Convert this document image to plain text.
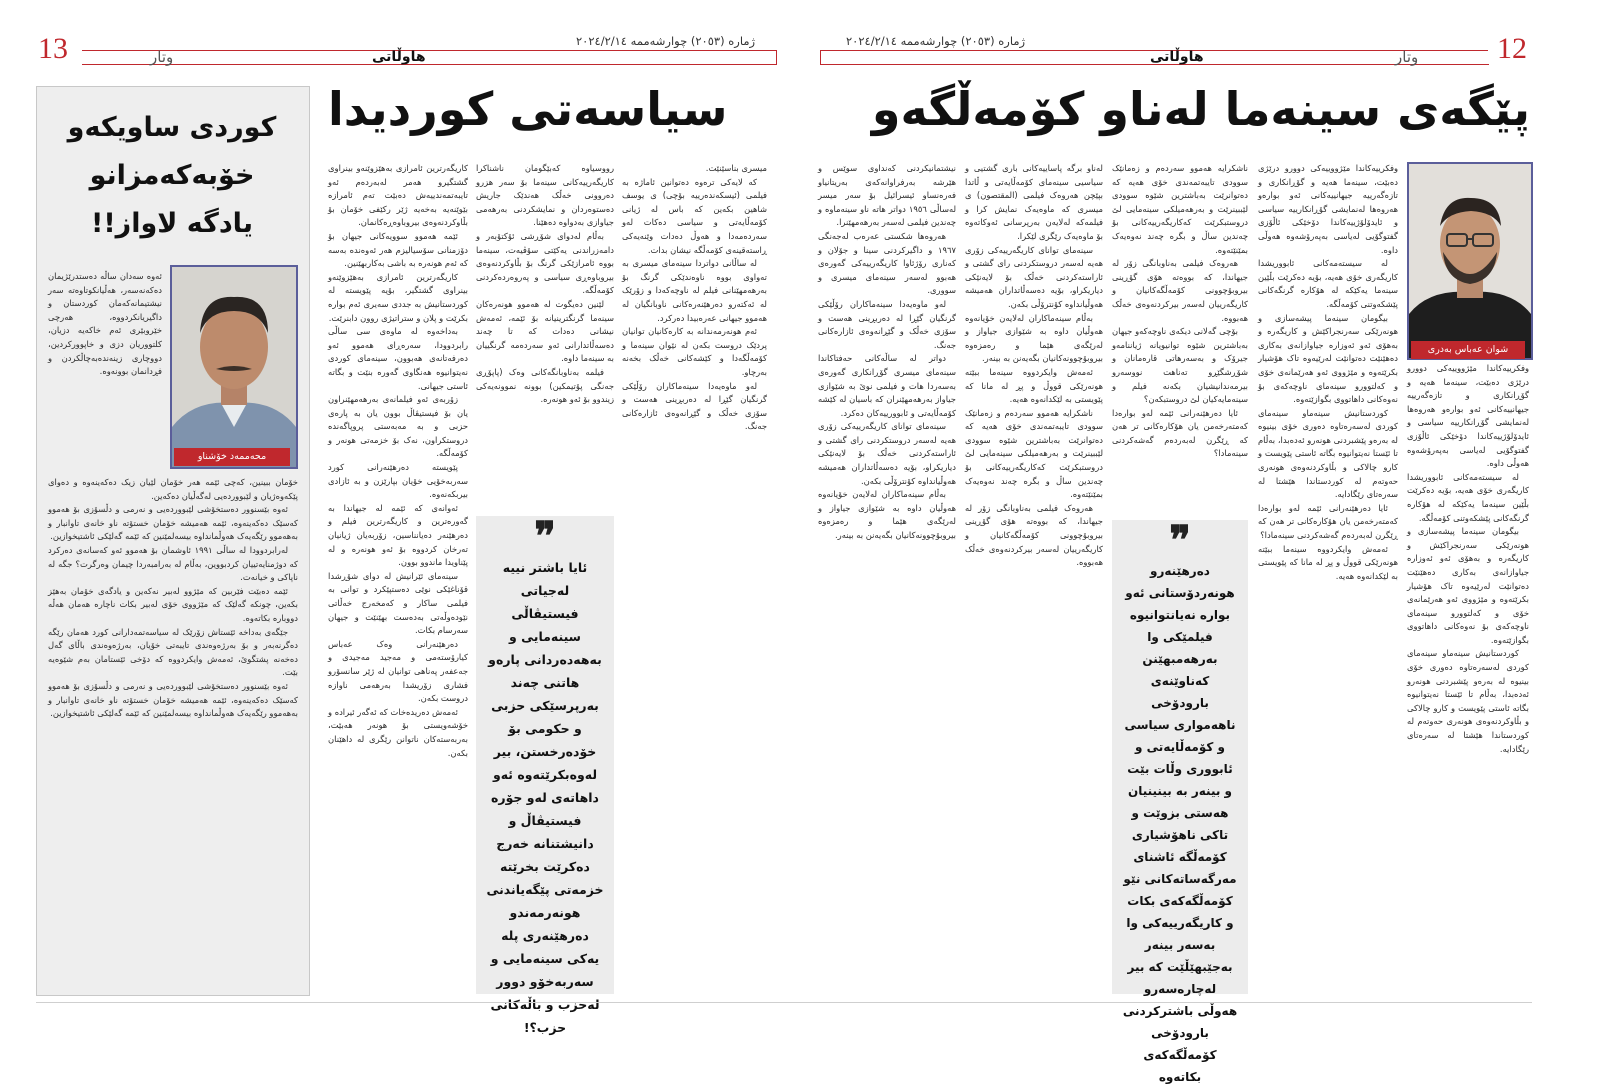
12
وتار
هاوڵاتی
ژمارە (٢٠٥٣) چوارشەممە ٢٠٢٤/٢/١٤
پێگەی سینەما لەناو کۆمەڵگەو
شوان عەباس بەدری

وفکرییەکاندا مێژووییەکی دوورو درێژی دەبێت، سینەما هەیە و گۆڕانکاری و تازەگەرییە جیهانییەکانی ئەو بوارەو هەروەها لەنمایشی گۆڕانکارییە سیاسی و ئایدۆلۆژییەکاندا دۆخێکی ئاڵۆزی گفتوگۆیی لەیاسی بەپەرۆشەوە هەوڵی داوە.

لە سیستەمەکانی ئابووریشدا کاریگەری خۆی هەیە، بۆیە دەکرێت بڵێین سینەما یەکێکە لە هۆکارە گرنگەکانی پێشکەوتنی کۆمەڵگە.

بیگومان سینەما پیشەسازی و هونەرێکی سەرنجراکێش و کاریگەرە و بەهۆی ئەو ئەوزارە جیاوازانەی بەکاری دەهێنێت دەتوانێت لەرێیەوە تاک هۆشیار بکرێتەوە و مێژووی ئەو هەرێمانەی خۆی و کەلتوورو سینەمای ناوچەکەی بۆ نەوەکانی داهاتووی بگوازێتەوە.

کوردستانیش سینەماو سینەمای کوردی لەسەرەتاوە دەوری خۆی بینیوە لە بەرەو پێشبردنی هونەرو ئەدەبدا، بەڵام تا ئێستا نەیتوانیوە بگاتە ئاستی پێویست و کارو چالاکی و بڵاوکردنەوەی هونەری حەوتەم لە کوردستاندا هێشتا لە سەرەتای رێگادایە.

وفکرییەکاندا مێژووییەکی دوورو درێژی دەبێت، سینەما هەیە و گۆڕانکاری و تازەگەرییە جیهانییەکانی ئەو بوارەو هەروەها لەنمایشی گۆڕانکارییە سیاسی و ئایدۆلۆژییەکاندا دۆخێکی ئاڵۆزی گفتوگۆیی لەیاسی بەپەرۆشەوە هەوڵی داوە.

لە سیستەمەکانی ئابووریشدا کاریگەری خۆی هەیە، بۆیە دەکرێت بڵێین سینەما یەکێکە لە هۆکارە گرنگەکانی پێشکەوتنی کۆمەڵگە.

بیگومان سینەما پیشەسازی و هونەرێکی سەرنجراکێش و کاریگەرە و بەهۆی ئەو ئەوزارە جیاوازانەی بەکاری دەهێنێت دەتوانێت لەرێیەوە تاک هۆشیار بکرێتەوە و مێژووی ئەو هەرێمانەی خۆی و کەلتوورو سینەمای ناوچەکەی بۆ نەوەکانی داهاتووی بگوازێتەوە.

کوردستانیش سینەماو سینەمای کوردی لەسەرەتاوە دەوری خۆی بینیوە لە بەرەو پێشبردنی هونەرو ئەدەبدا، بەڵام تا ئێستا نەیتوانیوە بگاتە ئاستی پێویست و کارو چالاکی و بڵاوکردنەوەی هونەری حەوتەم لە کوردستاندا هێشتا لە سەرەتای رێگادایە.

ئایا دەرهێنەرانی ئێمە لەو بوارەدا کەمتەرخەمن یان هۆکارەکانی تر هەن کە ڕێگرن لەبەردەم گەشەکردنی سینەمادا؟

ئەمەش وایکردووە سینەما ببێتە هونەرێکی قووڵ و پڕ لە مانا کە پێویستی بە لێکدانەوە هەیە.

ناشکرایە هەموو سەردەم و زەمانێک سوودی تایبەتمەندی خۆی هەیە کە دەتوانرێت بەباشترین شێوە سوودی لێببینرێت و بەرهەمیلکی سینەمایی لێ دروستبکرێت کەکاریگەرییەکانی بۆ چەندین ساڵ و بگرە چەند نەوەیەک بمێنێتەوە.

هەروەک فیلمی بەناوبانگی زۆر لە جیهاندا، کە بووەتە هۆی گۆڕینی بیروبۆچوونی کۆمەڵگەکانیان و کاریگەرییان لەسەر بیرکردنەوەی خەڵک هەبووە.

بۆچی گەلانی دیکەی ناوچەکەو جیهان بەباشترین شێوە توانیویانە ژیاننامەو جیرۆک و بەسەرهاتی قارەمانان و شۆڕشگێڕو تەناهت نووسەرو بیرمەندانیشیان بکەنە فیلم و سینەمایەکیان لێ دروستبکەن؟

ئایا دەرهێنەرانی ئێمە لەو بوارەدا کەمتەرخەمن یان هۆکارەکانی تر هەن کە ڕێگرن لەبەردەم گەشەکردنی سینەمادا؟

❞
دەرهێنەرو هونەردۆستانی ئەو بوارە نەیانتوانیوە فیلمێکی وا بەرهەمبهێنن کەناوێنەی بارودۆخی ناهەمواری سیاسی و کۆمەڵایەتی و ئابووری وڵات بێت و بینەر بە بینینیان هەستی بزوێت و تاکی ناهۆشیاری کۆمەڵگە ئاشنای مەرگەساتەکانی نێو کۆمەڵگەکەی بکات و کاریگەرییەکی وا بەسەر بینەر بەجێبهێڵێت کە بیر لەچارەسەرو هەوڵی باشترکردنی بارودۆخی کۆمەڵگەکەی بکاتەوە

لەناو برگە پاساییەکانی باری گشتیی و سیاسیی سینەمای کۆمەڵایەتی و ڵاتدا بپێچن هەروەک فیلمی (المقتصون) ی میسری کە ماوەیەک نمایش کرا و فیلمەکە لەلایەن بەرپرسانی ئەوکاتەوە بۆ ماوەیەک رێگری لێکرا.

سینەمای توانای کاریگەرییەکی زۆری هەیە لەسەر دروستکردنی رای گشتی و ئاراستەکردنی خەڵک بۆ لایەنێکی دیاریکراو، بۆیە دەسەڵاتداران هەمیشە هەوڵیانداوە کۆنترۆڵی بکەن.

بەڵام سینەماکاران لەلایەن خۆیانەوە هەوڵیان داوە بە شێوازی جیاواز و لەرێگەی هێما و رەمزەوە بیروبۆچوونەکانیان بگەیەنن بە بینەر.

ئەمەش وایکردووە سینەما ببێتە هونەرێکی قووڵ و پڕ لە مانا کە پێویستی بە لێکدانەوە هەیە.

ناشکرایە هەموو سەردەم و زەمانێک سوودی تایبەتمەندی خۆی هەیە کە دەتوانرێت بەباشترین شێوە سوودی لێببینرێت و بەرهەمیلکی سینەمایی لێ دروستبکرێت کەکاریگەرییەکانی بۆ چەندین ساڵ و بگرە چەند نەوەیەک بمێنێتەوە.

هەروەک فیلمی بەناوبانگی زۆر لە جیهاندا، کە بووەتە هۆی گۆڕینی بیروبۆچوونی کۆمەڵگەکانیان و کاریگەرییان لەسەر بیرکردنەوەی خەڵک هەبووە.

نیشتمانیکردنی کەنداوی سوێس و هێرشە بەرفراوانەکەی بەریتانیاو فەرەنساو ئیسرائیل بۆ سەر میسر لەساڵی ١٩٥٦ دواتر هاتە ناو سینەماوە و چەندین فیلمی لەسەر بەرهەمهێنرا.

هەروەها شکستی عەرەب لەجەنگی ١٩٦٧ و داگیرکردنی سینا و جۆلان و کەناری رۆژئاوا کاریگەرییەکی گەورەی هەبوو لەسەر سینەمای میسری و سووری.

لەو ماوەیەدا سینەماکاران رۆڵێکی گرنگیان گێڕا لە دەربڕینی هەست و سۆزی خەڵک و گێڕانەوەی ئازارەکانی جەنگ.

دواتر لە ساڵەکانی حەفتاکاندا سینەمای میسری گۆڕانکاری گەورەی بەسەردا هات و فیلمی نوێ بە شێوازی جیاواز بەرهەمهێنران کە باسیان لە کێشە کۆمەڵایەتی و ئابوورییەکان دەکرد.

سینەمای توانای کاریگەرییەکی زۆری هەیە لەسەر دروستکردنی رای گشتی و ئاراستەکردنی خەڵک بۆ لایەنێکی دیاریکراو، بۆیە دەسەڵاتداران هەمیشە هەوڵیانداوە کۆنترۆڵی بکەن.

بەڵام سینەماکاران لەلایەن خۆیانەوە هەوڵیان داوە بە شێوازی جیاواز و لەرێگەی هێما و رەمزەوە بیروبۆچوونەکانیان بگەیەنن بە بینەر.

13	وتار	هاوڵاتی
ژمارە (٢٠٥٣) چوارشەممە ٢٠٢٤/٢/١٤
سیاسەتی کوردیدا
کوردی ساویکەو خۆبەکەمزانو یادگە لاواز!!
محەممەد خۆشناو

ئەوە سەدان ساڵە دەستدرێژیمان دەکەنەسەر، هەڵیانکوتاوەتە سەر نیشتیمانەکەمان کوردستان و داگیریانکردووە، هەرچی خێروبێری ئەم خاکەیە دزیان، کلتووریان دزی و خاپوورکردین، دووچاری زینەندەبەچاڵکردن و فڕدانمان بوونەوە.

خۆمان ببینین، کەچی ئێمە هەر خۆمان لێیان زیک دەکەینەوە و دەوای پێکەوەژیان و لێبووردەیی لەگەڵیان دەکەین.

ئەوە بێسنوور دەستخۆشی لێبووردەیی و نەرمی و دڵسۆزی بۆ هەموو کەسێک دەکەینەوە، ئێمە هەمیشە خۆمان خستۆتە ناو خانەی تاوانبار و بەهەموو رێگەیەک هەوڵمانداوە بیسەلمێنین کە ئێمە گەلێکی ئاشتیخوازین.

لەرابردوودا لە ساڵی ١٩٩١ ئاوشمان بۆ هەموو ئەو کەسانەی دەرکرد کە دوژمنایەتییان کردبووین، بەڵام لە بەرامبەردا چیمان وەرگرت؟ جگە لە ناپاکی و خیانەت.

ئێمە دەبێت فێربین کە مێژوو لەبیر نەکەین و یادگەی خۆمان بەهێز بکەین، چونکە گەلێک کە مێژووی خۆی لەبیر بکات ناچارە هەمان هەڵە دووبارە بکاتەوە.

جێگەی بەداخە ئێستاش زۆرێک لە سیاسەتمەدارانی کورد هەمان رێگە دەگرنەبەر و بۆ بەرژەوەندی تایبەتی خۆیان، بەرژەوەندی باڵای گەل دەخەنە پشتگوێ، ئەمەش وایکردووە کە دۆخی ئێستامان بەم شێوەیە بێت.

ئەوە بێسنوور دەستخۆشی لێبووردەیی و نەرمی و دڵسۆزی بۆ هەموو کەسێک دەکەینەوە، ئێمە هەمیشە خۆمان خستۆتە ناو خانەی تاوانبار و بەهەموو رێگەیەک هەوڵمانداوە بیسەلمێنین کە ئێمە گەلێکی ئاشتیخوازین.

میسری بناسێنێت.

کە لایەکی ترەوە دەتوانین ئاماژە بە فیلمی (ئیسکەندەرییە بۆچی) ی یوسف شاهین بکەین کە باس لە ژیانی کۆمەڵایەتی و سیاسی دەکات لەو سەردەمەدا و هەوڵ دەدات وێنەیەکی ڕاستەقینەی کۆمەڵگە نیشان بدات.

لە ساڵانی دواتردا سینەمای میسری بە تەواوی بووە ناوەندێکی گرنگ بۆ بەرهەمهێنانی فیلم لە ناوچەکەدا و زۆرێک لە ئەکتەرو دەرهێنەرەکانی ناوبانگیان لە هەموو جیهانی عەرەبیدا دەرکرد.

ئەم هونەرمەندانە بە کارەکانیان توانیان پردێک دروست بکەن لە نێوان سینەما و کۆمەڵگەدا و کێشەکانی خەڵک بخەنە بەرچاو.

لەو ماوەیەدا سینەماکاران رۆڵێکی گرنگیان گێڕا لە دەربڕینی هەست و سۆزی خەڵک و گێڕانەوەی ئازارەکانی جەنگ.

رووسیاوە کەبێگومان ناشناکرا کاریگەرییەکانی سینەما بۆ سەر هزرو دەروونی خەڵک هەندێک جاریش دەستوەردان و نمایشکردنی بەرهەمی جیاوازی بەدواوە دەهێنا.

بەڵام لەدوای شۆڕشی ئۆکتۆبەر و دامەزراندنی یەکێتی سۆڤیەت، سینەما بووە ئامرازێکی گرنگ بۆ بڵاوکردنەوەی بیروباوەڕی سیاسی و پەروەردەکردنی کۆمەڵگە.

لێنین دەیگوت لە هەموو هونەرەکان سینەما گرنگترینیانە بۆ ئێمە، ئەمەش نیشانی دەدات کە تا چەند دەسەڵاتدارانی ئەو سەردەمە گرنگییان بە سینەما داوە.

فیلمە بەناوبانگەکانی وەک (پاپۆڕی جەنگی پۆتیمکین) بوونە نموونەیەکی زیندوو بۆ ئەو هونەرە.

❞
ئایا باشتر نییە لەجیاتی فیستیڤاڵی سینەمایی و بەهەدەردانی پارەو هاتنی چەند بەرپرسێکی حزبی و حکومی بۆ خۆدەرخستن، بیر لەوەبکرێتەوە ئەو داهاتەی لەو جۆرە فیستیڤاڵ و دانیشتنانە خەرج دەکرێت بخرێتە خزمەتی پێگەیاندنی هونەرمەندو دەرهێنەری پلە یەکی سینەمایی و سەربەخۆو دوور لەحزب و باڵەکانی حزب؟!

کاریگەرترین ئامرازی بەهێزوێنەو بینراوی گشتگیرو هەمر لەبەردەم ئەو تایبەتمەندییەش دەبێت تەم ئامرازە بێوێنەیە بەخەیە ژێر رکێفی خۆمان بۆ بڵاوکردنەوەی بیروباوەڕەکانمان.

ئێمە هەموو سوویەکانی جیهان بۆ دۆزمنانی سۆسیالیزم هەر ئەوەندە بەسە کە ئەم هونەرە بە باشی بەکاربهێنین.

کاریگەرترین ئامرازی بەهێزوێنەو بینراوی گشتگیر، بۆیە پێویستە لە کوردستانیش بە جددی سەیری ئەم بوارە بکرێت و پلان و ستراتیژی روون دابنرێت.

بەداخەوە لە ماوەی سی ساڵی رابردوودا، سەرەڕای هەموو ئەو دەرفەتانەی هەبوون، سینەمای کوردی نەیتوانیوە هەنگاوی گەورە بنێت و بگاتە ئاستی جیهانی.

زۆربەی ئەو فیلمانەی بەرهەمهێنراون یان بۆ فیستیڤاڵ بوون یان بە پارەی حزبی و بە مەبەستی پروپاگەندە دروستکراون، نەک بۆ خزمەتی هونەر و کۆمەڵگە.

پێویستە دەرهێنەرانی کورد سەربەخۆیی خۆیان بپارێزن و بە ئازادی بیربکەنەوە.

ئەوانەی کە ئێمە لە جیهاندا بە گەورەترین و کاریگەرترین فیلم و دەرهێنەر دەیانناسین، زۆربەیان ژیانیان تەرخان کردووە بۆ ئەو هونەرە و لە پێناویدا ماندوو بوون.

سینەمای ئێرانیش لە دوای شۆڕشدا قۆناغێکی نوێی دەستپێکرد و توانی بە فیلمی ساکار و کەمخەرج خەڵاتی نێودەوڵەتی بەدەست بهێنێت و جیهان سەرسام بکات.

دەرهێنەرانی وەک عەباس کیارۆستەمی و مەجید مەجیدی و جەعفەر پەناهی توانیان لە ژێر سانسۆرو فشاری زۆریشدا بەرهەمی ناوازە دروست بکەن.

ئەمەش دەریدەخات کە ئەگەر ئیرادە و خۆشەویستی بۆ هونەر هەبێت، بەربەستەکان ناتوانن رێگری لە داهێنان بکەن.
